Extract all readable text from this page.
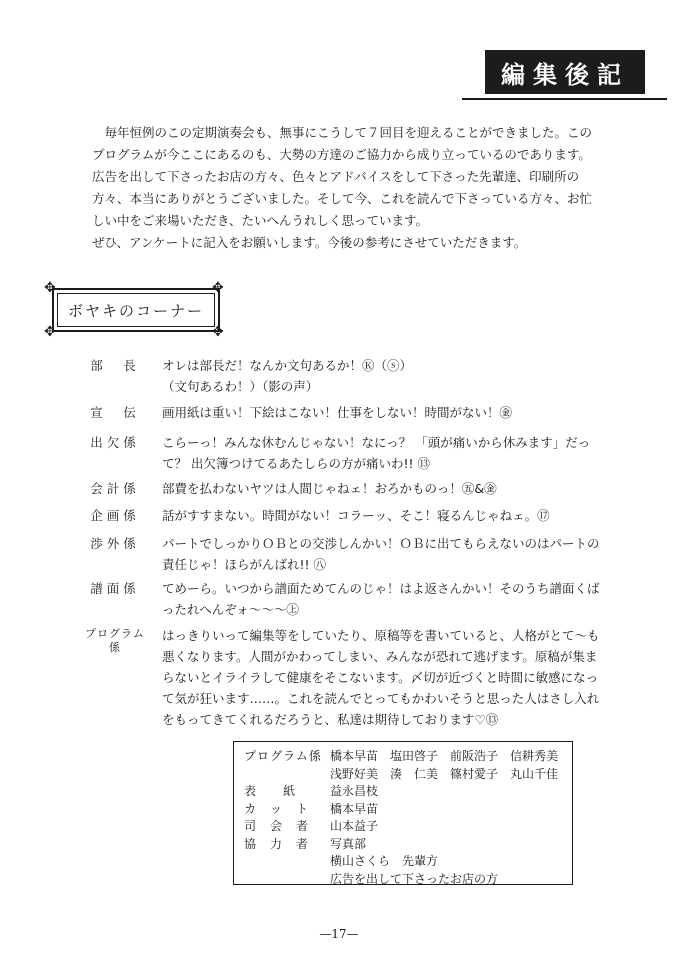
編集後記

毎年恒例のこの定期演奏会も、無事にこうして７回目を迎えることができました。このプログラムが今ここにあるのも、大勢の方達のご協力から成り立っているのであります。広告を出して下さったお店の方々、色々とアドバイスをして下さった先輩達、印刷所の方々、本当にありがとうございました。そして今、これを読んで下さっている方々、お忙しい中をご来場いただき、たいへんうれしく思っています。

ぜひ、アンケートに記入をお願いします。今後の参考にさせていただきます。

ボヤキのコーナー
✥	✥
✥	✥
部　長	オレは部長だ！なんか文句あるか！Ⓚ（ⓢ）
（文句あるわ！）（影の声）
宣　伝	画用紙は重い！下絵はこない！仕事をしない！時間がない！㊎
出欠係	こらーっ！みんな休むんじゃない！なにっ？ 「頭が痛いから休みます」だって？ 出欠簿つけてるあたしらの方が痛いわ!! ⑬
会計係	部費を払わないヤツは人間じゃねェ！おろかものっ！㊄&㊎
企画係	話がすすまない。時間がない！コラーッ、そこ！寝るんじゃねェ。⑰
渉外係	パートでしっかりＯＢとの交渉しんかい！ＯＢに出てもらえないのはパートの責任じゃ！ほらがんばれ!! ㊇
譜面係	てめーら。いつから譜面ためてんのじゃ！はよ返さんかい！そのうち譜面くばったれへんぞォ〜〜〜㊤
プログラム係
はっきりいって編集等をしていたり、原稿等を書いていると、人格がとて〜も悪くなります。人間がかわってしまい、みんなが恐れて逃げます。原稿が集まらないとイライラして健康をそこないます。〆切が近づくと時間に敏感になって気が狂います……。これを読んでとってもかわいそうと思った人はさし入れをもってきてくれるだろうと、私達は期待しております♡⑬
プログラム係 橋本早苗　塩田啓子　前阪浩子　信耕秀美
浅野好美　湊　仁美　篠村愛子　丸山千佳
表　　紙	益永昌枝
カ　ッ　ト	橋本早苗
司　会　者	山本益子
協　力　者	写真部
横山さくら　先輩方
広告を出して下さったお店の方
—17—
